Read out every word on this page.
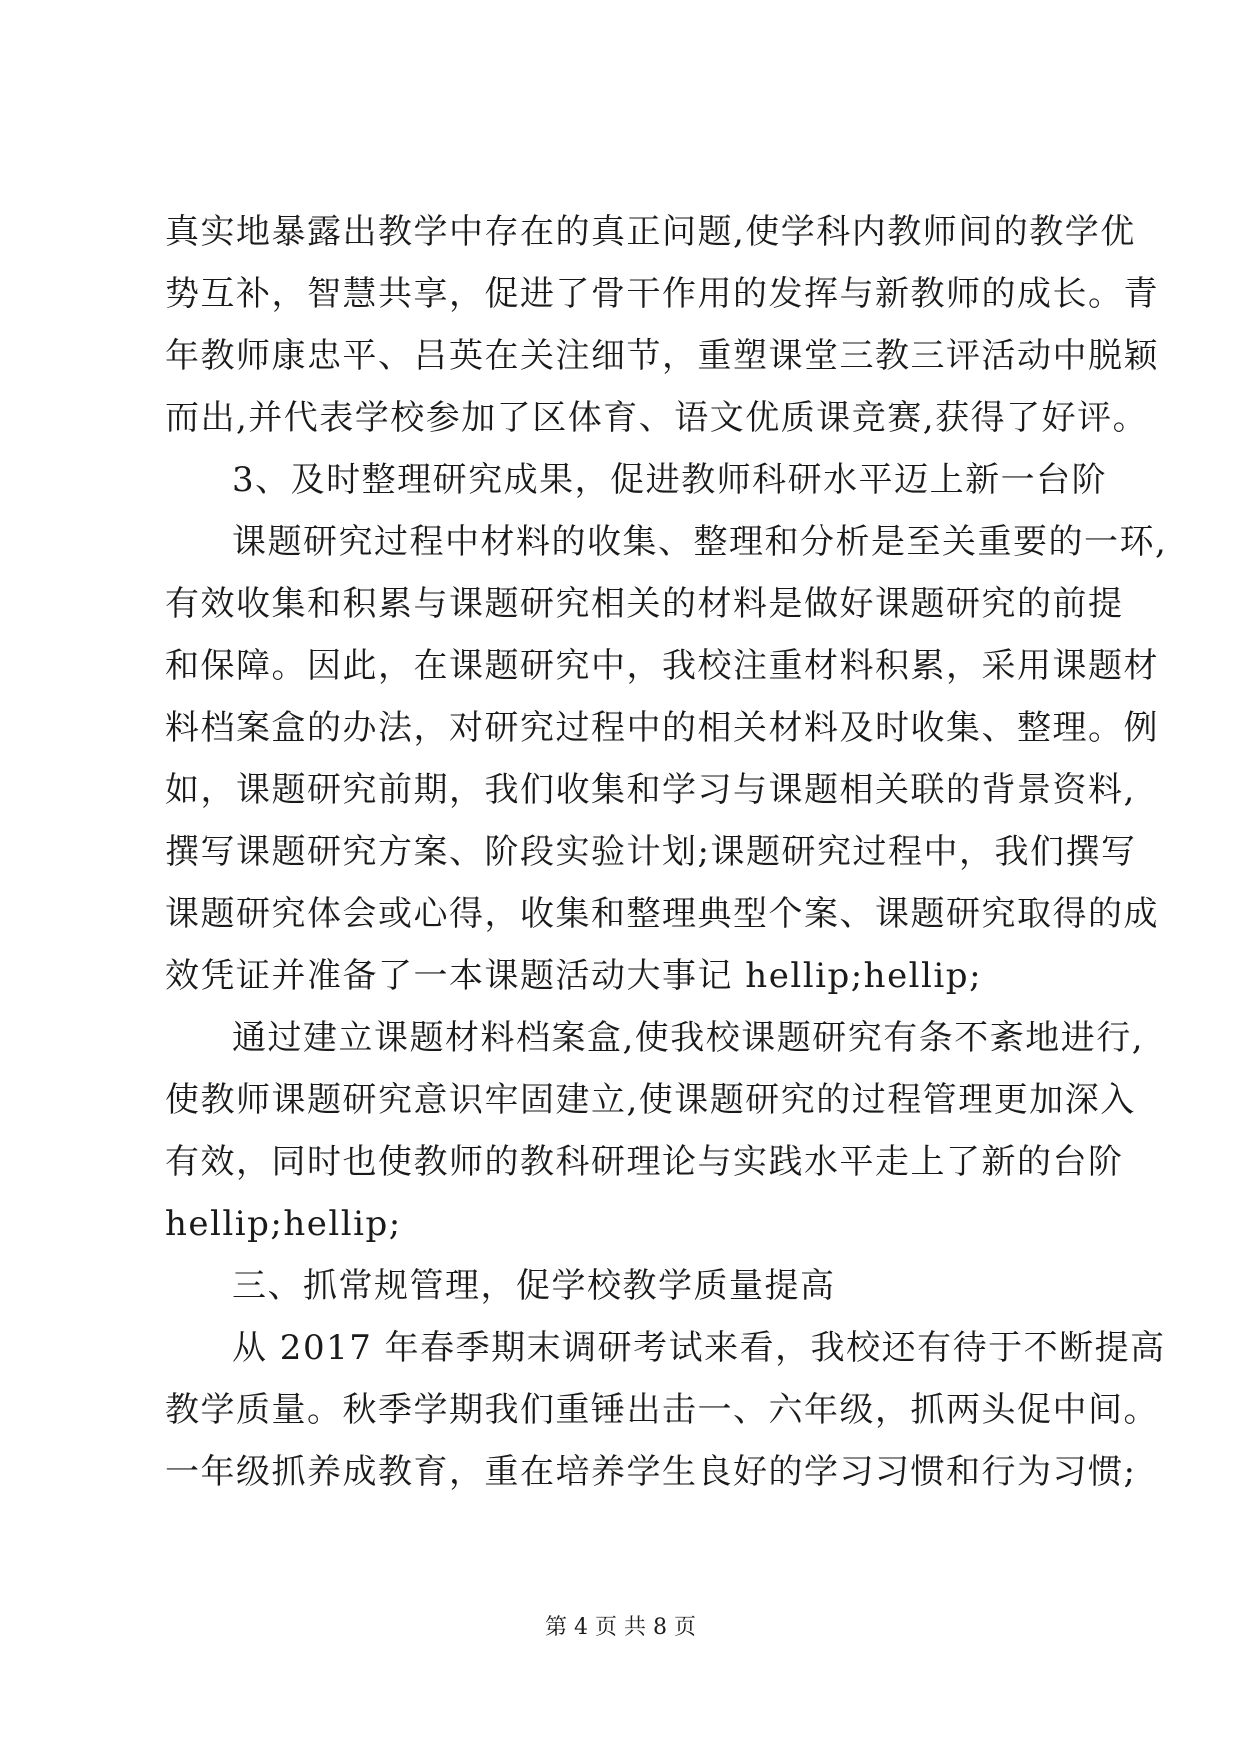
真实地暴露出教学中存在的真正问题,使学科内教师间的教学优
势互补，智慧共享，促进了骨干作用的发挥与新教师的成长。青
年教师康忠平、吕英在关注细节，重塑课堂三教三评活动中脱颖
而出,并代表学校参加了区体育、语文优质课竞赛,获得了好评。
3、及时整理研究成果，促进教师科研水平迈上新一台阶
课题研究过程中材料的收集、整理和分析是至关重要的一环,
有效收集和积累与课题研究相关的材料是做好课题研究的前提
和保障。因此，在课题研究中，我校注重材料积累，采用课题材
料档案盒的办法，对研究过程中的相关材料及时收集、整理。例
如，课题研究前期，我们收集和学习与课题相关联的背景资料,
撰写课题研究方案、阶段实验计划;课题研究过程中，我们撰写
课题研究体会或心得，收集和整理典型个案、课题研究取得的成
效凭证并准备了一本课题活动大事记 hellip;hellip;
通过建立课题材料档案盒,使我校课题研究有条不紊地进行,
使教师课题研究意识牢固建立,使课题研究的过程管理更加深入
有效，同时也使教师的教科研理论与实践水平走上了新的台阶
hellip;hellip;
三、抓常规管理，促学校教学质量提高
从 2017 年春季期末调研考试来看，我校还有待于不断提高
教学质量。秋季学期我们重锤出击一、六年级，抓两头促中间。
一年级抓养成教育，重在培养学生良好的学习习惯和行为习惯;
第 4 页 共 8 页
